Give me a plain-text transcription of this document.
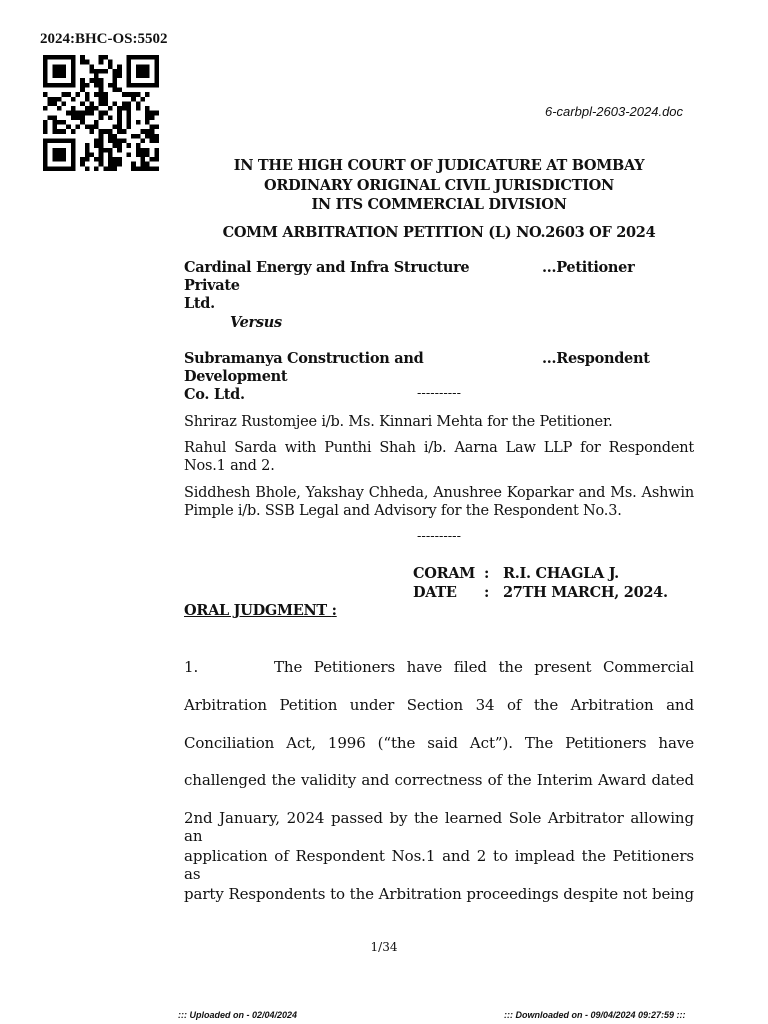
2024:BHC-OS:5502
6-carbpl-2603-2024.doc
IN THE HIGH COURT OF JUDICATURE AT BOMBAY
ORDINARY ORIGINAL CIVIL JURISDICTION
IN ITS COMMERCIAL DIVISION
COMM ARBITRATION PETITION (L) NO.2603 OF 2024
Cardinal Energy and Infra Structure Private
Ltd.
…Petitioner
Versus
Subramanya Construction and Development
Co. Ltd.
…Respondent
----------
Shriraz Rustomjee i/b. Ms. Kinnari Mehta for the Petitioner.
Rahul Sarda with Punthi Shah i/b. Aarna Law LLP for Respondent Nos.1 and 2.
Siddhesh Bhole, Yakshay Chheda, Anushree Koparkar and Ms. Ashwin Pimple i/b. SSB Legal and Advisory for the Respondent No.3.
----------
CORAM : R.I. CHAGLA J.
DATE : 27TH MARCH, 2024.
ORAL JUDGMENT :
1.	The Petitioners have filed the present Commercial
Arbitration Petition under Section 34 of the Arbitration and
Conciliation Act, 1996 (“the said Act”). The Petitioners have
challenged the validity and correctness of the Interim Award dated
2nd January, 2024 passed by the learned Sole Arbitrator allowing an
application of Respondent Nos.1 and 2 to implead the Petitioners as
party Respondents to the Arbitration proceedings despite not being
1/34
::: Uploaded on - 02/04/2024	::: Downloaded on - 09/04/2024 09:27:59 :::
